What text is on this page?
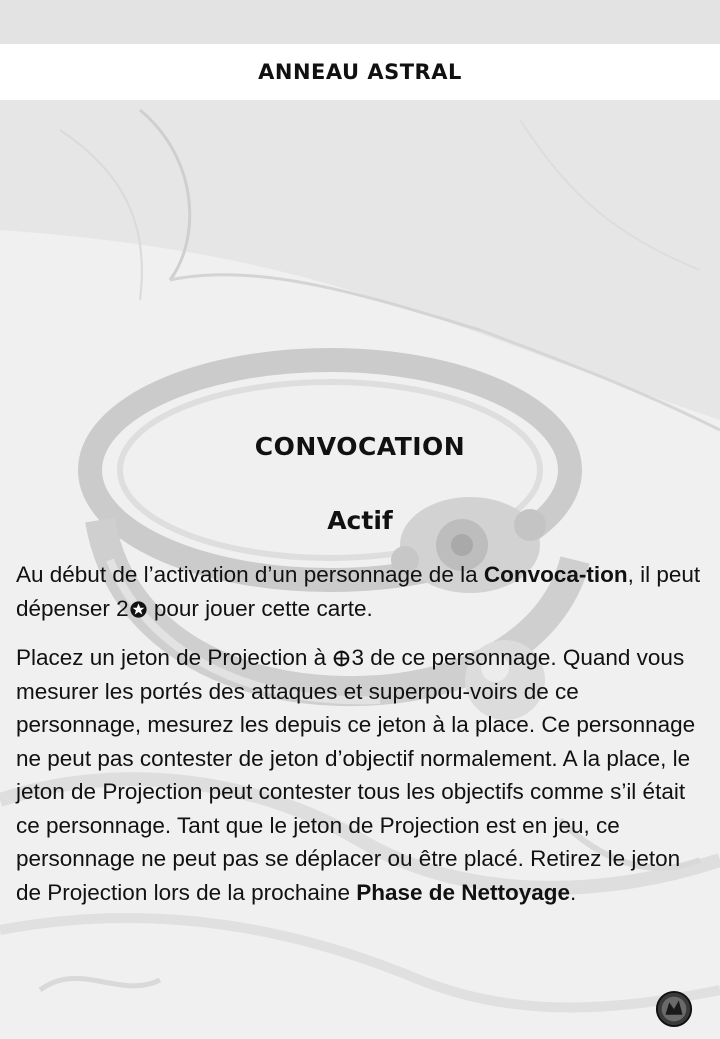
ANNEAU ASTRAL
CONVOCATION
Actif

Au début de l’activation d’un personnage de la Convoca-tion, il peut dépenser 2 pour jouer cette carte.

Placez un jeton de Projection à 3 de ce personnage. Quand vous mesurer les portés des attaques et superpou-voirs de ce personnage, mesurez les depuis ce jeton à la place. Ce personnage ne peut pas contester de jeton d’objectif normalement. A la place, le jeton de Projection peut contester tous les objectifs comme s’il était ce personnage. Tant que le jeton de Projection est en jeu, ce personnage ne peut pas se déplacer ou être placé. Retirez le jeton de Projection lors de la prochaine Phase de Nettoyage.
